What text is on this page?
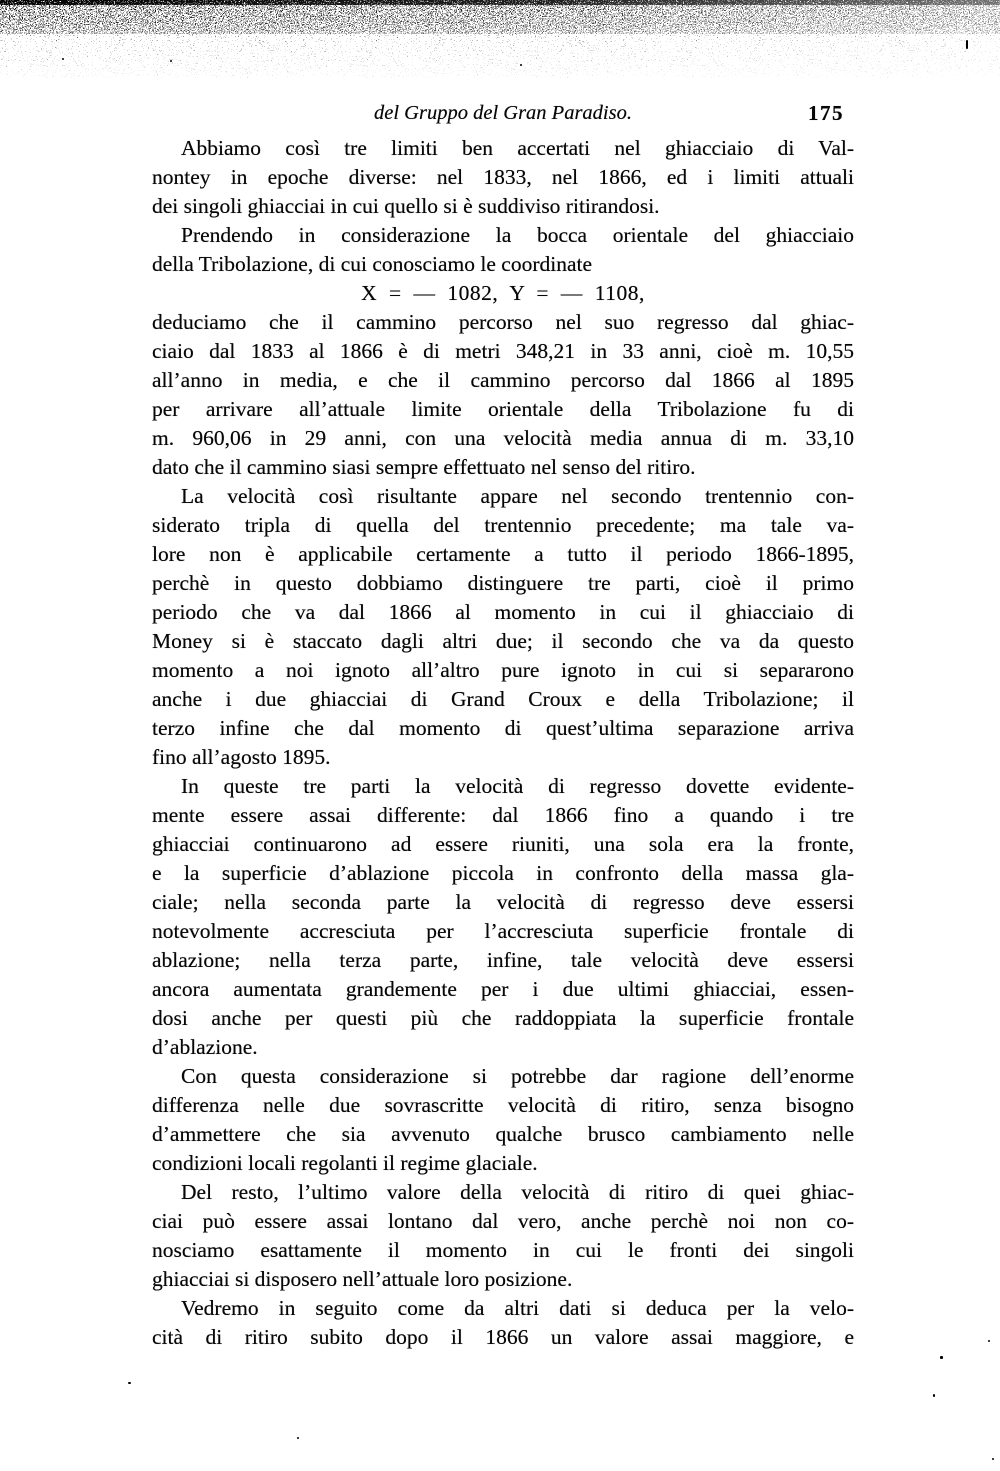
del Gruppo del Gran Paradiso.	175
Abbiamo così tre limiti ben accertati nel ghiacciaio di Val-
nontey in epoche diverse: nel 1833, nel 1866, ed i limiti attuali
dei singoli ghiacciai in cui quello si è suddiviso ritirandosi.
Prendendo in considerazione la bocca orientale del ghiacciaio
della Tribolazione, di cui conosciamo le coordinate
X = — 1082, Y = — 1108,
deduciamo che il cammino percorso nel suo regresso dal ghiac-
ciaio dal 1833 al 1866 è di metri 348,21 in 33 anni, cioè m. 10,55
all’anno in media, e che il cammino percorso dal 1866 al 1895
per arrivare all’attuale limite orientale della Tribolazione fu di
m. 960,06 in 29 anni, con una velocità media annua di m. 33,10
dato che il cammino siasi sempre effettuato nel senso del ritiro.
La velocità così risultante appare nel secondo trentennio con-
siderato tripla di quella del trentennio precedente; ma tale va-
lore non è applicabile certamente a tutto il periodo 1866-1895,
perchè in questo dobbiamo distinguere tre parti, cioè il primo
periodo che va dal 1866 al momento in cui il ghiacciaio di
Money si è staccato dagli altri due; il secondo che va da questo
momento a noi ignoto all’altro pure ignoto in cui si separarono
anche i due ghiacciai di Grand Croux e della Tribolazione; il
terzo infine che dal momento di quest’ultima separazione arriva
fino all’agosto 1895.
In queste tre parti la velocità di regresso dovette evidente-
mente essere assai differente: dal 1866 fino a quando i tre
ghiacciai continuarono ad essere riuniti, una sola era la fronte,
e la superficie d’ablazione piccola in confronto della massa gla-
ciale; nella seconda parte la velocità di regresso deve essersi
notevolmente accresciuta per l’accresciuta superficie frontale di
ablazione; nella terza parte, infine, tale velocità deve essersi
ancora aumentata grandemente per i due ultimi ghiacciai, essen-
dosi anche per questi più che raddoppiata la superficie frontale
d’ablazione.
Con questa considerazione si potrebbe dar ragione dell’enorme
differenza nelle due sovrascritte velocità di ritiro, senza bisogno
d’ammettere che sia avvenuto qualche brusco cambiamento nelle
condizioni locali regolanti il regime glaciale.
Del resto, l’ultimo valore della velocità di ritiro di quei ghiac-
ciai può essere assai lontano dal vero, anche perchè noi non co-
nosciamo esattamente il momento in cui le fronti dei singoli
ghiacciai si disposero nell’attuale loro posizione.
Vedremo in seguito come da altri dati si deduca per la velo-
cità di ritiro subito dopo il 1866 un valore assai maggiore, e
